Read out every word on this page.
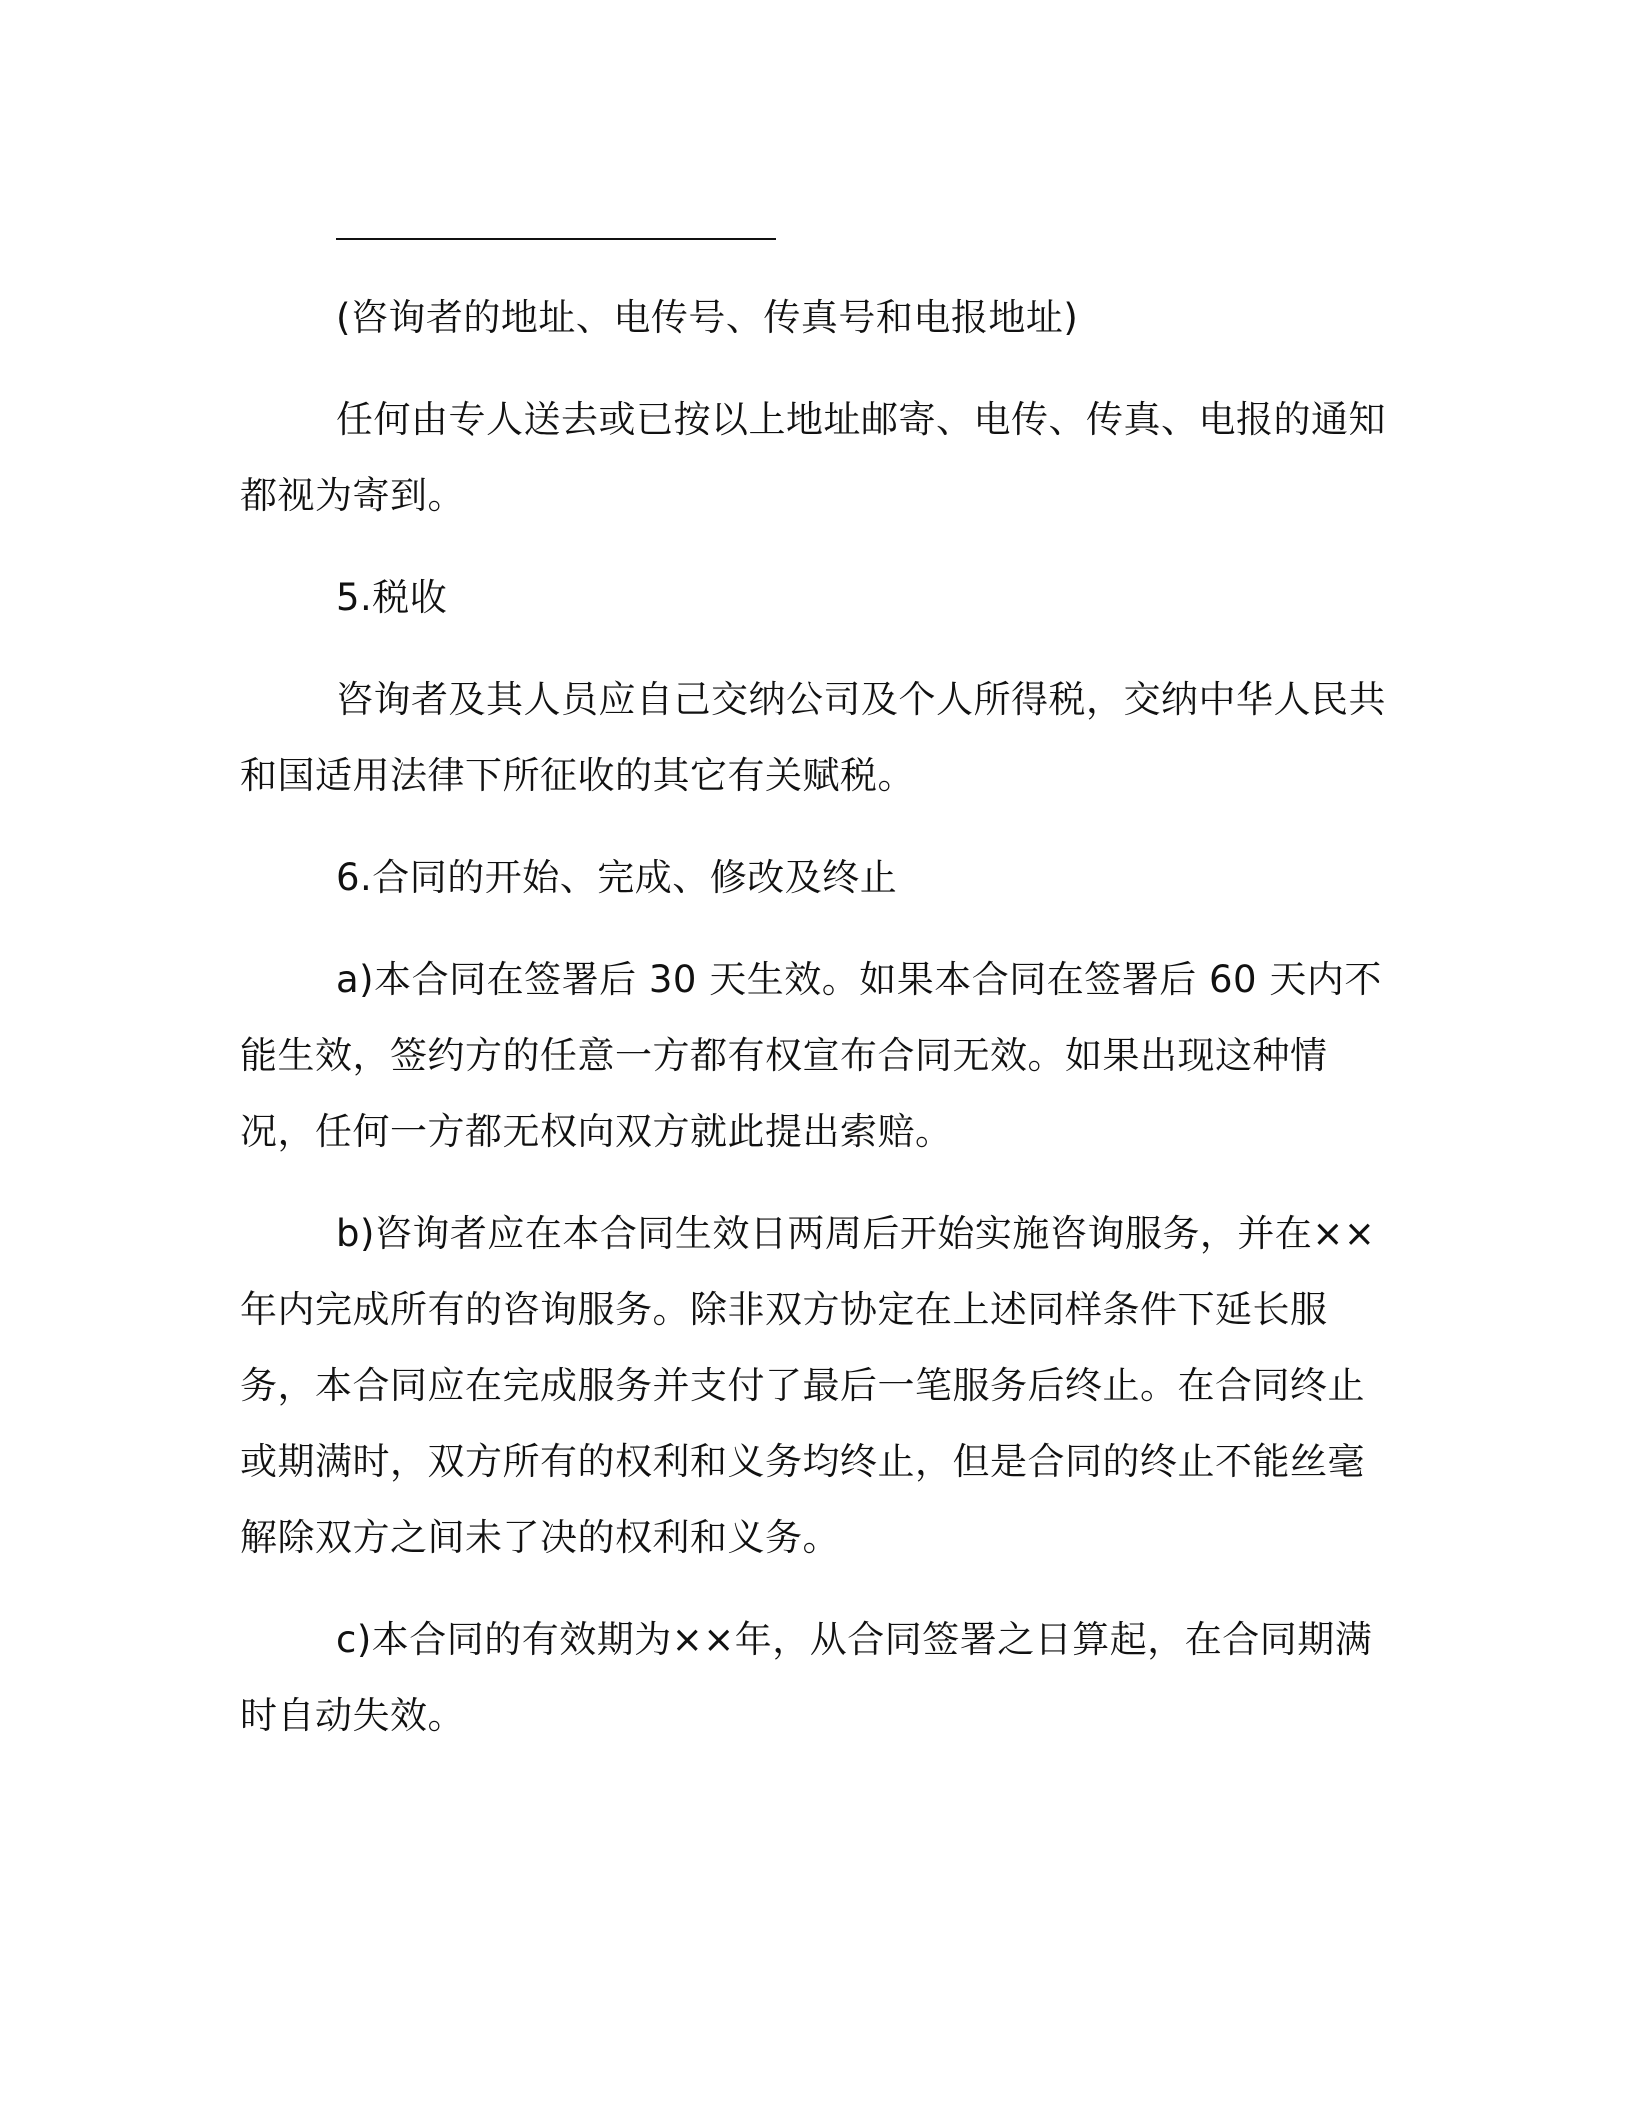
(咨询者的地址、电传号、传真号和电报地址)

任何由专人送去或已按以上地址邮寄、电传、传真、电报的通知都视为寄到。

5.税收

咨询者及其人员应自己交纳公司及个人所得税，交纳中华人民共和国适用法律下所征收的其它有关赋税。

6.合同的开始、完成、修改及终止

a)本合同在签署后 30 天生效。如果本合同在签署后 60 天内不能生效，签约方的任意一方都有权宣布合同无效。如果出现这种情况，任何一方都无权向双方就此提出索赔。

b)咨询者应在本合同生效日两周后开始实施咨询服务，并在××年内完成所有的咨询服务。除非双方协定在上述同样条件下延长服务，本合同应在完成服务并支付了最后一笔服务后终止。在合同终止或期满时，双方所有的权利和义务均终止，但是合同的终止不能丝毫解除双方之间未了决的权利和义务。

c)本合同的有效期为××年，从合同签署之日算起，在合同期满时自动失效。
